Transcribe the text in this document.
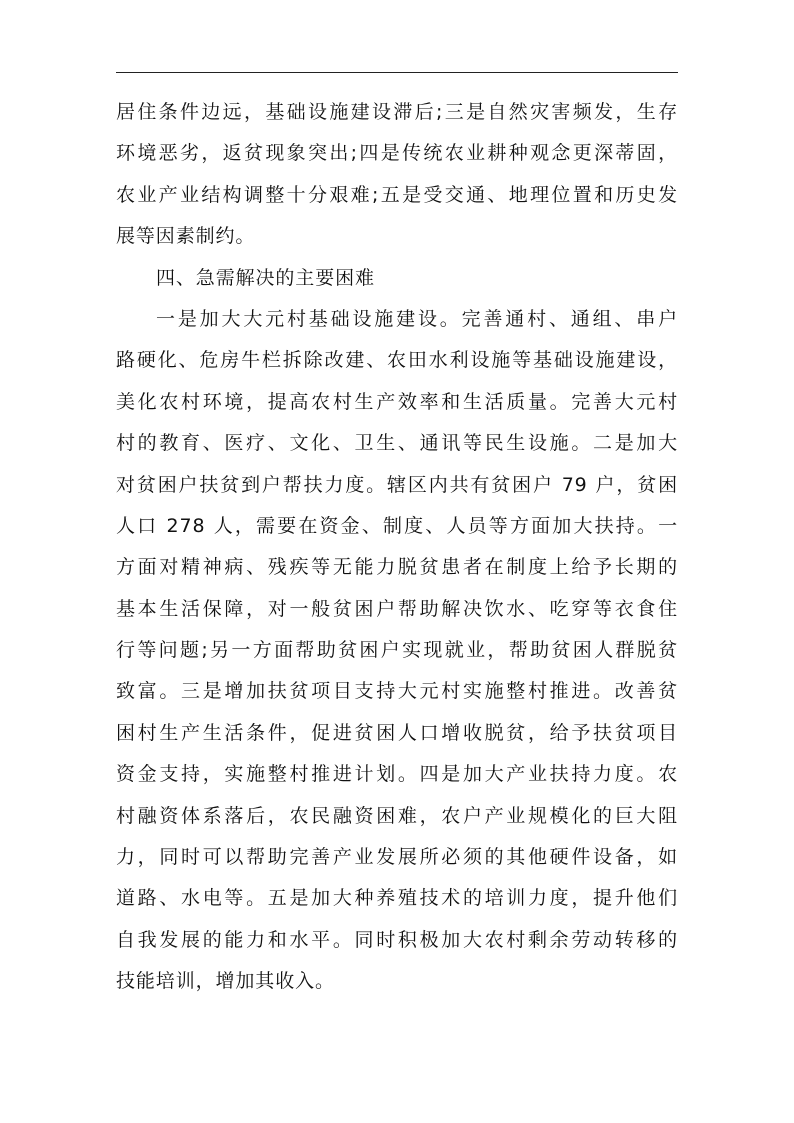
居住条件边远，基础设施建设滞后;三是自然灾害频发，生存
环境恶劣，返贫现象突出;四是传统农业耕种观念更深蒂固，
农业产业结构调整十分艰难;五是受交通、地理位置和历史发
展等因素制约。
四、急需解决的主要困难
一是加大大元村基础设施建设。完善通村、通组、串户
路硬化、危房牛栏拆除改建、农田水利设施等基础设施建设，
美化农村环境，提高农村生产效率和生活质量。完善大元村
村的教育、医疗、文化、卫生、通讯等民生设施。二是加大
对贫困户扶贫到户帮扶力度。辖区内共有贫困户 79 户，贫困
人口 278 人，需要在资金、制度、人员等方面加大扶持。一
方面对精神病、残疾等无能力脱贫患者在制度上给予长期的
基本生活保障，对一般贫困户帮助解决饮水、吃穿等衣食住
行等问题;另一方面帮助贫困户实现就业，帮助贫困人群脱贫
致富。三是增加扶贫项目支持大元村实施整村推进。改善贫
困村生产生活条件，促进贫困人口增收脱贫，给予扶贫项目
资金支持，实施整村推进计划。四是加大产业扶持力度。农
村融资体系落后，农民融资困难，农户产业规模化的巨大阻
力，同时可以帮助完善产业发展所必须的其他硬件设备，如
道路、水电等。五是加大种养殖技术的培训力度，提升他们
自我发展的能力和水平。同时积极加大农村剩余劳动转移的
技能培训，增加其收入。
